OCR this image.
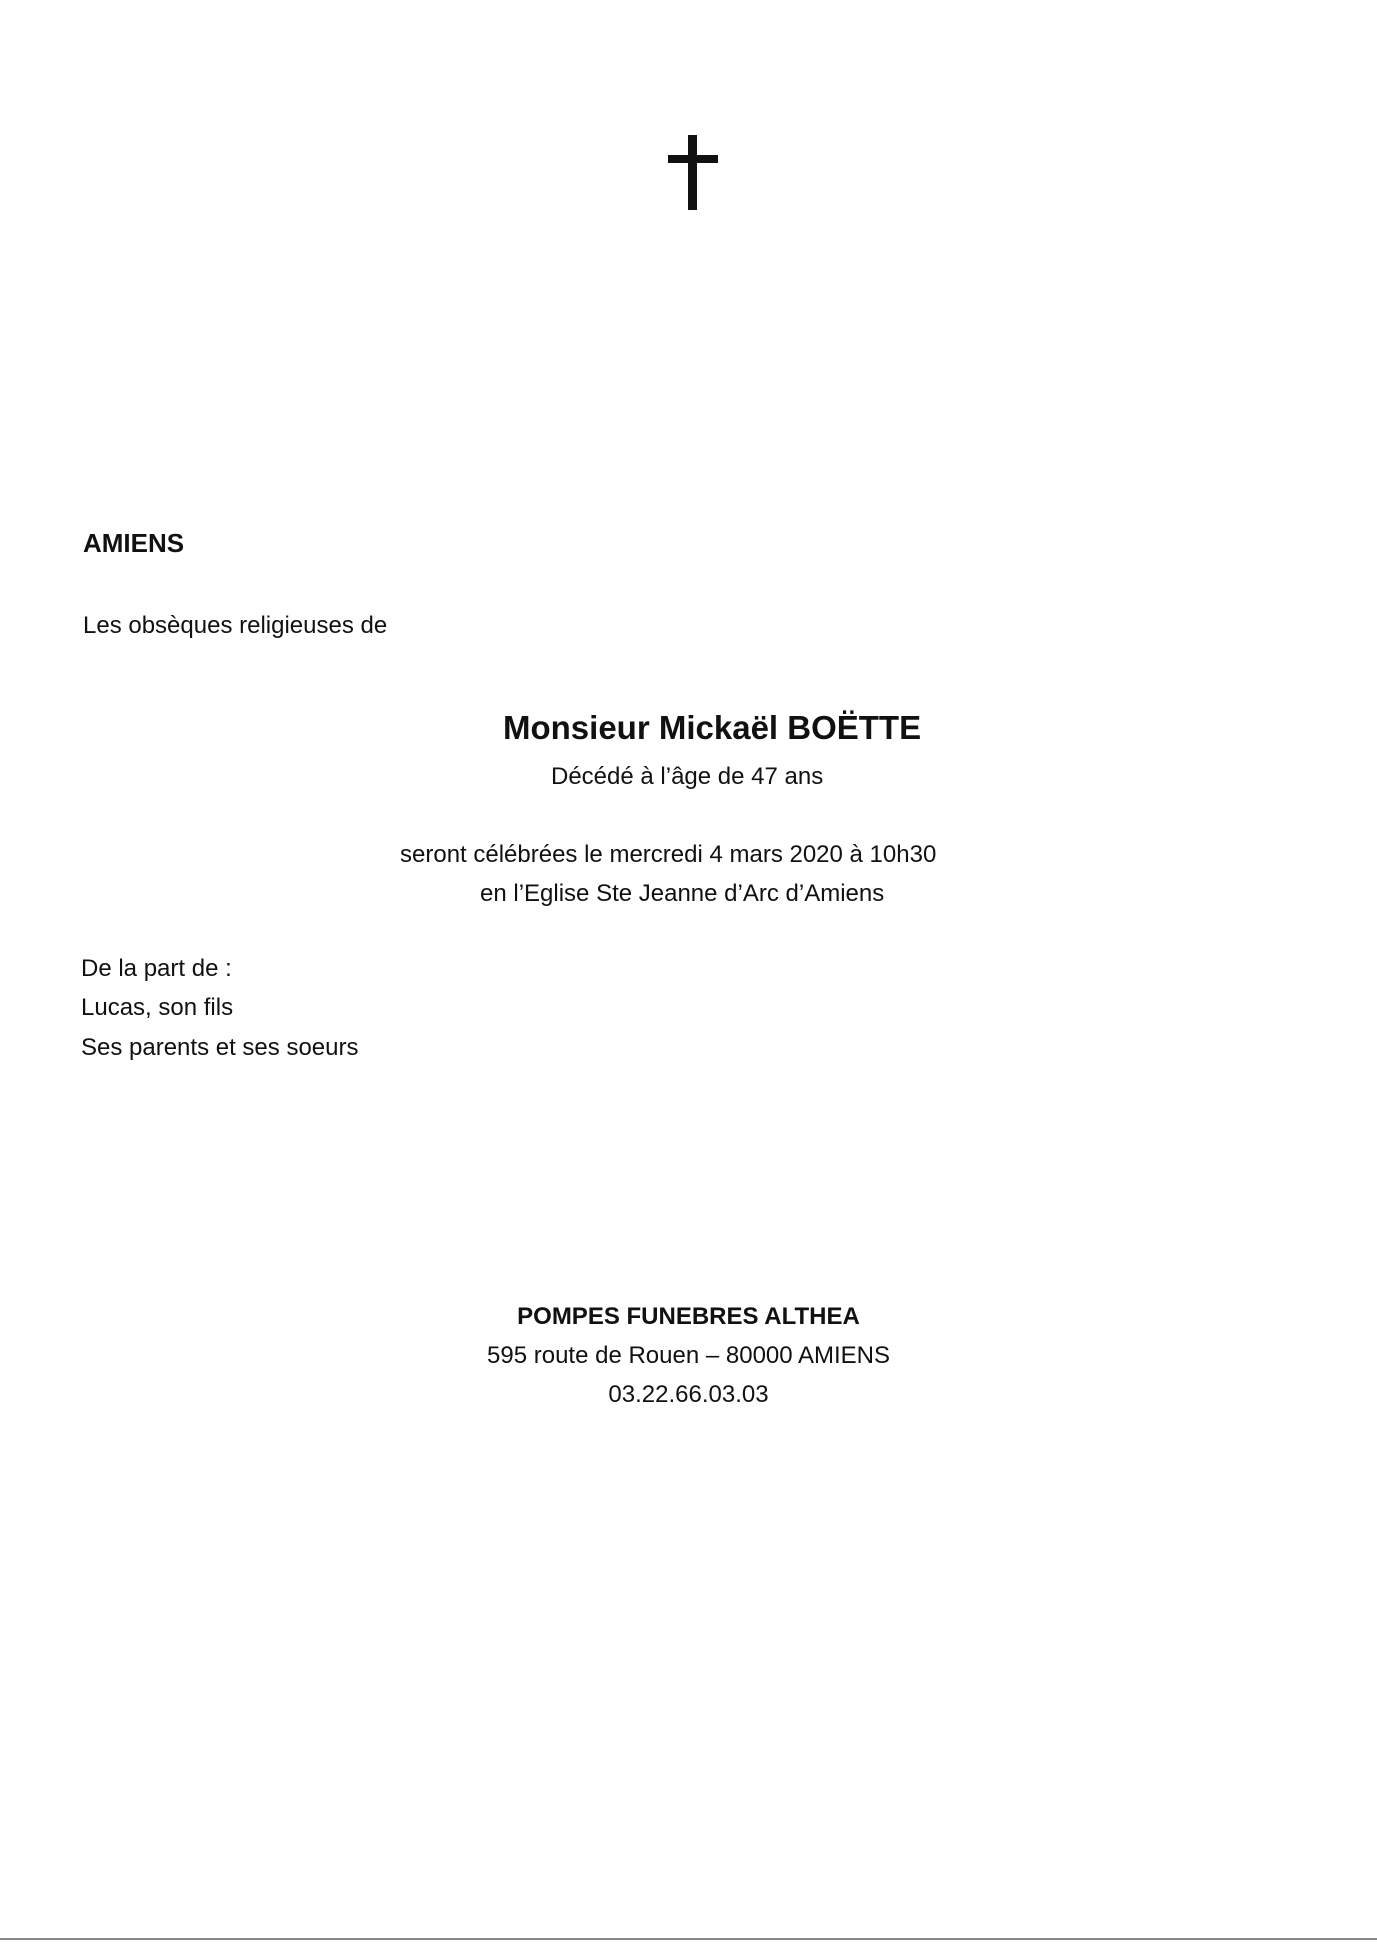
AMIENS
Les obsèques religieuses de
Monsieur Mickaël BOËTTE
Décédé à l’âge de 47 ans
seront célébrées le mercredi 4 mars 2020 à 10h30
en l’Eglise Ste Jeanne d’Arc d’Amiens
De la part de :
Lucas, son fils
Ses parents et ses soeurs
POMPES FUNEBRES ALTHEA
595 route de Rouen – 80000 AMIENS
03.22.66.03.03
